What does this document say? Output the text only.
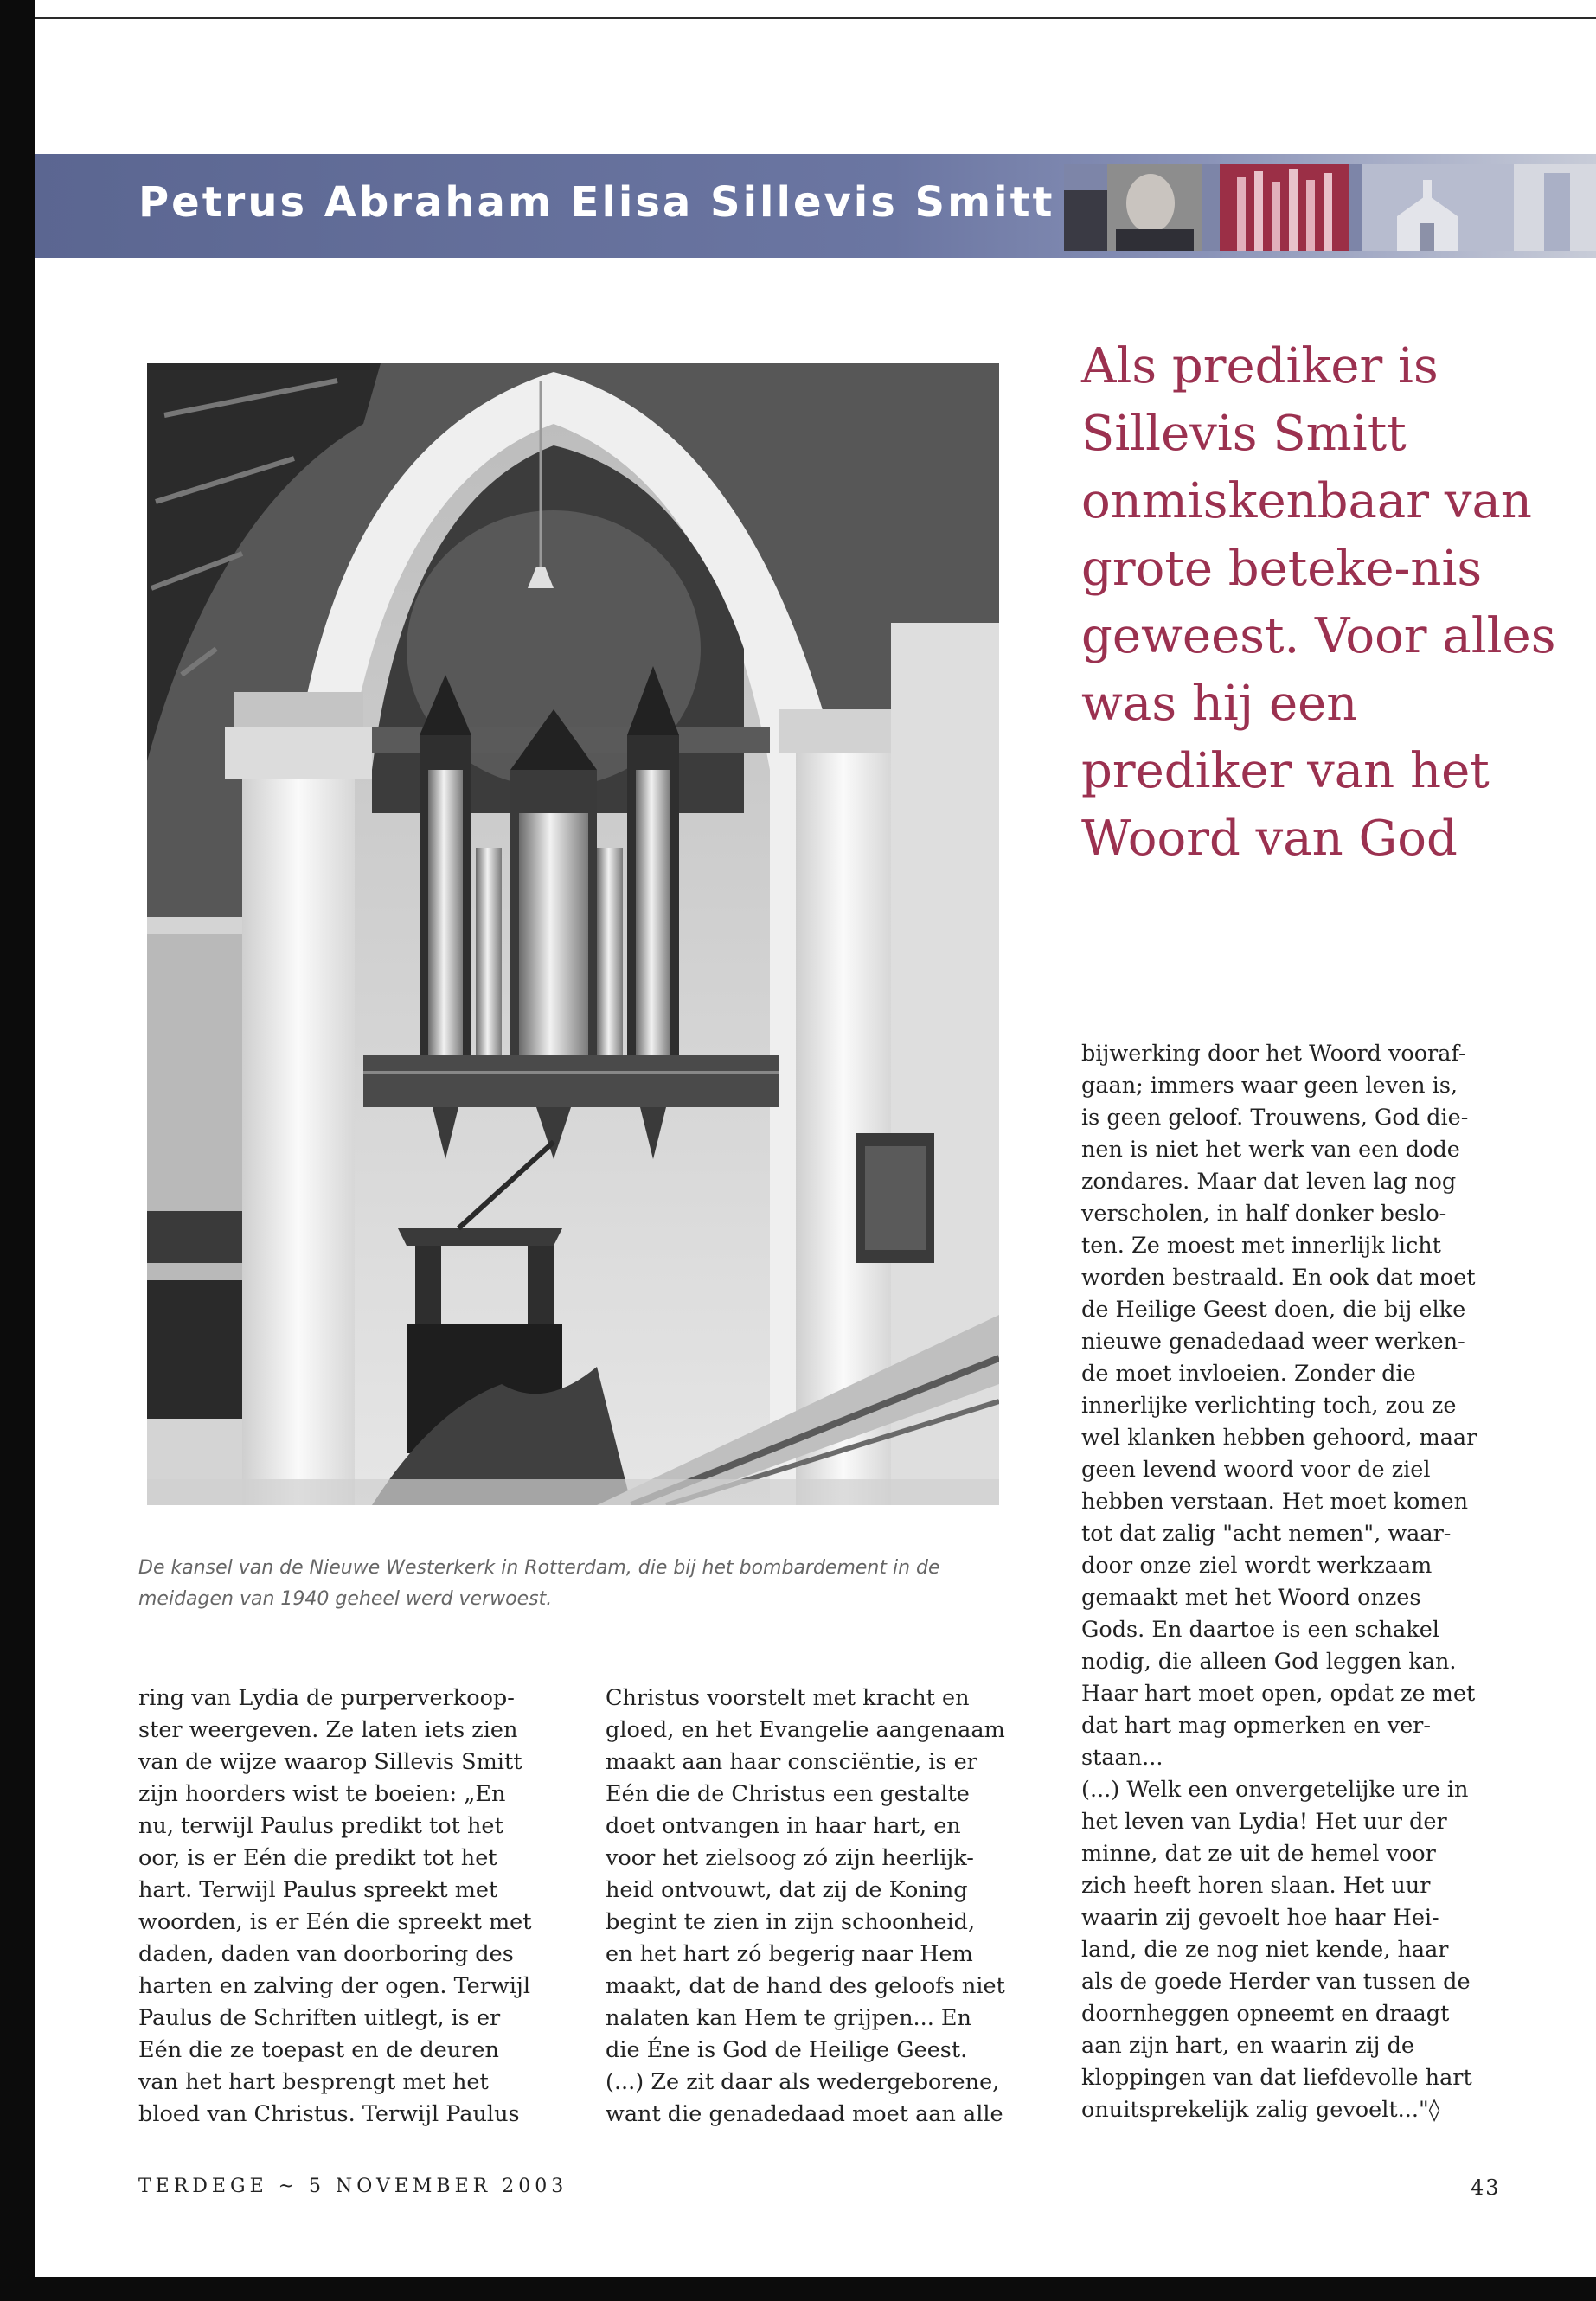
Petrus Abraham Elisa Sillevis Smitt
De kansel van de Nieuwe Westerkerk in Rotterdam, die bij het bombardement in de meidagen van 1940 geheel werd verwoest.
Als prediker is Sillevis Smitt onmiskenbaar van grote beteke-nis geweest. Voor alles was hij een prediker van het Woord van God
ring van Lydia de purperverkoop-
ster weergeven. Ze laten iets zien
van de wijze waarop Sillevis Smitt
zijn hoorders wist te boeien: „En
nu, terwijl Paulus predikt tot het
oor, is er Eén die predikt tot het
hart. Terwijl Paulus spreekt met
woorden, is er Eén die spreekt met
daden, daden van doorboring des
harten en zalving der ogen. Terwijl
Paulus de Schriften uitlegt, is er
Eén die ze toepast en de deuren
van het hart besprengt met het
bloed van Christus. Terwijl Paulus
Christus voorstelt met kracht en
gloed, en het Evangelie aangenaam
maakt aan haar consciëntie, is er
Eén die de Christus een gestalte
doet ontvangen in haar hart, en
voor het zielsoog zó zijn heerlijk-
heid ontvouwt, dat zij de Koning
begint te zien in zijn schoonheid,
en het hart zó begerig naar Hem
maakt, dat de hand des geloofs niet
nalaten kan Hem te grijpen... En
die Éne is God de Heilige Geest.
(...) Ze zit daar als wedergeborene,
want die genadedaad moet aan alle
bijwerking door het Woord vooraf-
gaan; immers waar geen leven is,
is geen geloof. Trouwens, God die-
nen is niet het werk van een dode
zondares. Maar dat leven lag nog
verscholen, in half donker beslo-
ten. Ze moest met innerlijk licht
worden bestraald. En ook dat moet
de Heilige Geest doen, die bij elke
nieuwe genadedaad weer werken-
de moet invloeien. Zonder die
innerlijke verlichting toch, zou ze
wel klanken hebben gehoord, maar
geen levend woord voor de ziel
hebben verstaan. Het moet komen
tot dat zalig "acht nemen", waar-
door onze ziel wordt werkzaam
gemaakt met het Woord onzes
Gods. En daartoe is een schakel
nodig, die alleen God leggen kan.
Haar hart moet open, opdat ze met
dat hart mag opmerken en ver-
staan...
(...) Welk een onvergetelijke ure in
het leven van Lydia! Het uur der
minne, dat ze uit de hemel voor
zich heeft horen slaan. Het uur
waarin zij gevoelt hoe haar Hei-
land, die ze nog niet kende, haar
als de goede Herder van tussen de
doornheggen opneemt en draagt
aan zijn hart, en waarin zij de
kloppingen van dat liefdevolle hart
onuitsprekelijk zalig gevoelt..."◊
TERDEGE ~ 5 NOVEMBER 2003	43
